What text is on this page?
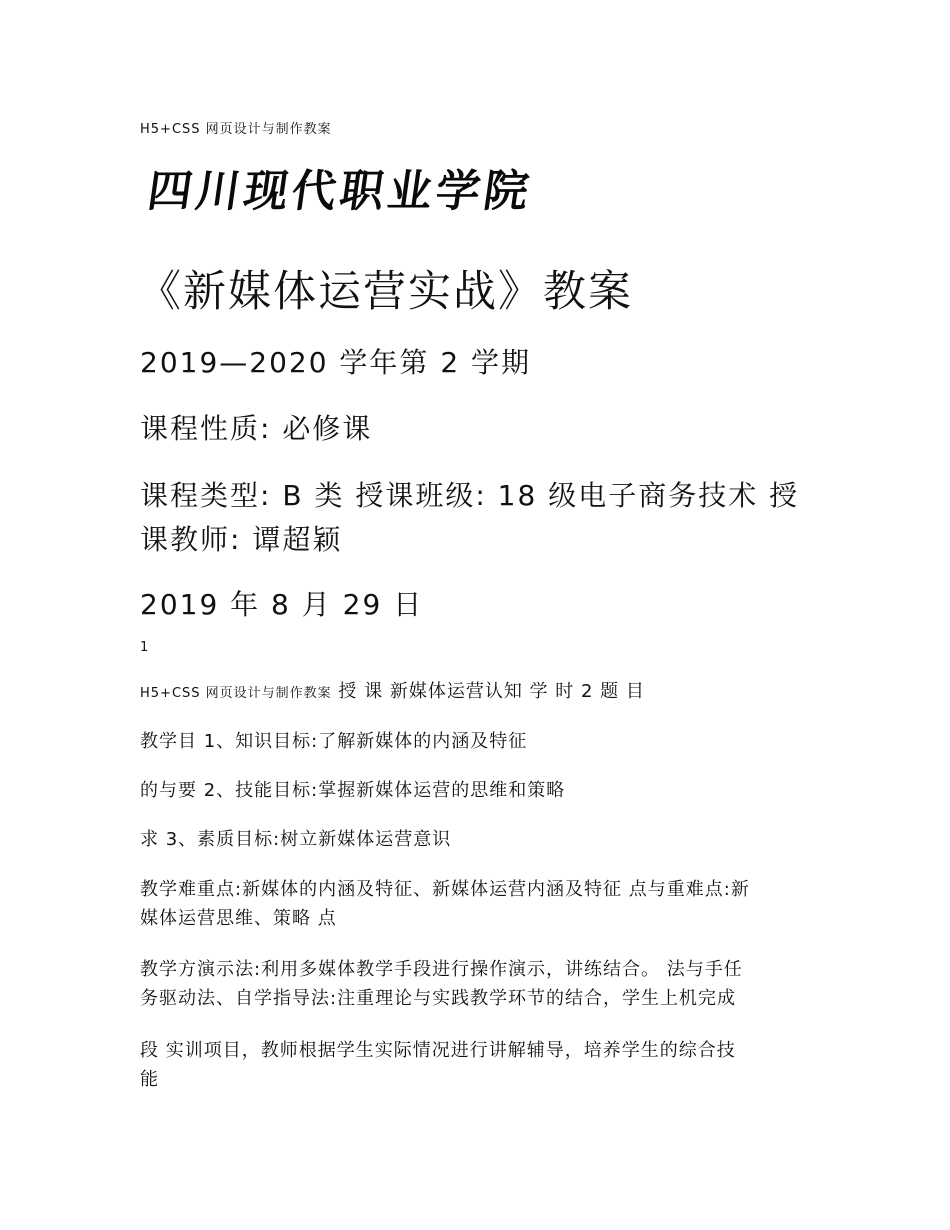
H5+CSS 网页设计与制作教案
四川现代职业学院
《新媒体运营实战》教案
2019—2020 学年第 2 学期
课程性质: 必修课
课程类型: B 类 授课班级: 18 级电子商务技术 授
课教师: 谭超颖
2019 年 8 月 29 日
1
H5+CSS 网页设计与制作教案 授 课 新媒体运营认知 学 时 2 题 目
教学目 1、知识目标:了解新媒体的内涵及特征
的与要 2、技能目标:掌握新媒体运营的思维和策略
求 3、素质目标:树立新媒体运营意识
教学难重点:新媒体的内涵及特征、新媒体运营内涵及特征 点与重难点:新
媒体运营思维、策略 点
教学方演示法:利用多媒体教学手段进行操作演示，讲练结合。 法与手任
务驱动法、自学指导法:注重理论与实践教学环节的结合，学生上机完成
段 实训项目，教师根据学生实际情况进行讲解辅导，培养学生的综合技
能
